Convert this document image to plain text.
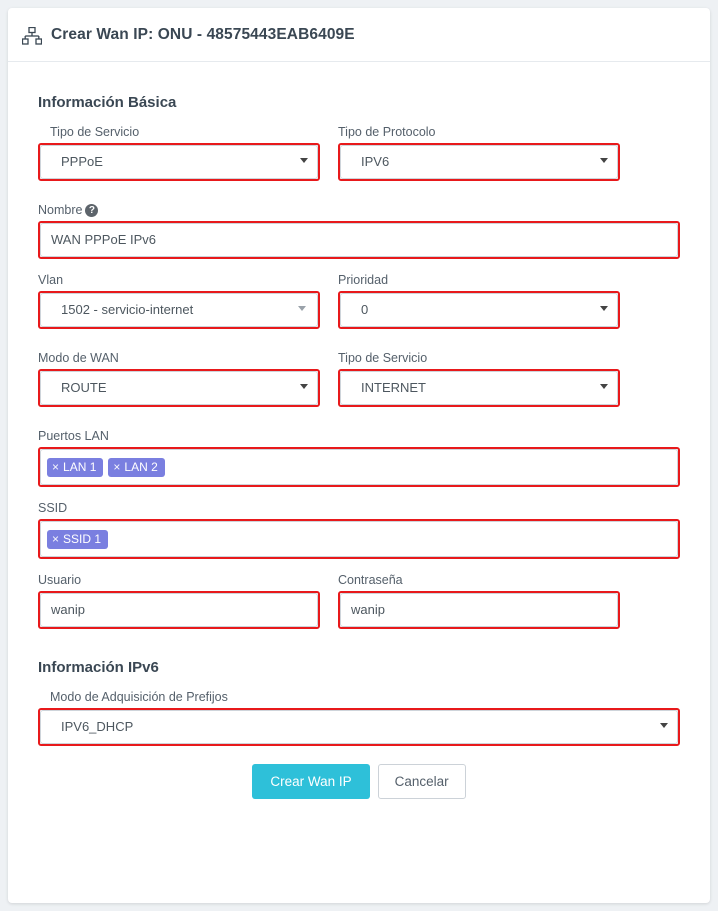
Crear Wan IP: ONU - 48575443EAB6409E
Información Básica
Tipo de Servicio
PPPoE
Tipo de Protocolo
IPV6
Nombre ?
WAN PPPoE IPv6
Vlan
1502 - servicio-internet
Prioridad
0
Modo de WAN
ROUTE
Tipo de Servicio
INTERNET
Puertos LAN
× LAN 1 × LAN 2
SSID
× SSID 1
Usuario
wanip
Contraseña
wanip
Información IPv6
Modo de Adquisición de Prefijos
IPV6_DHCP
Crear Wan IP	Cancelar
